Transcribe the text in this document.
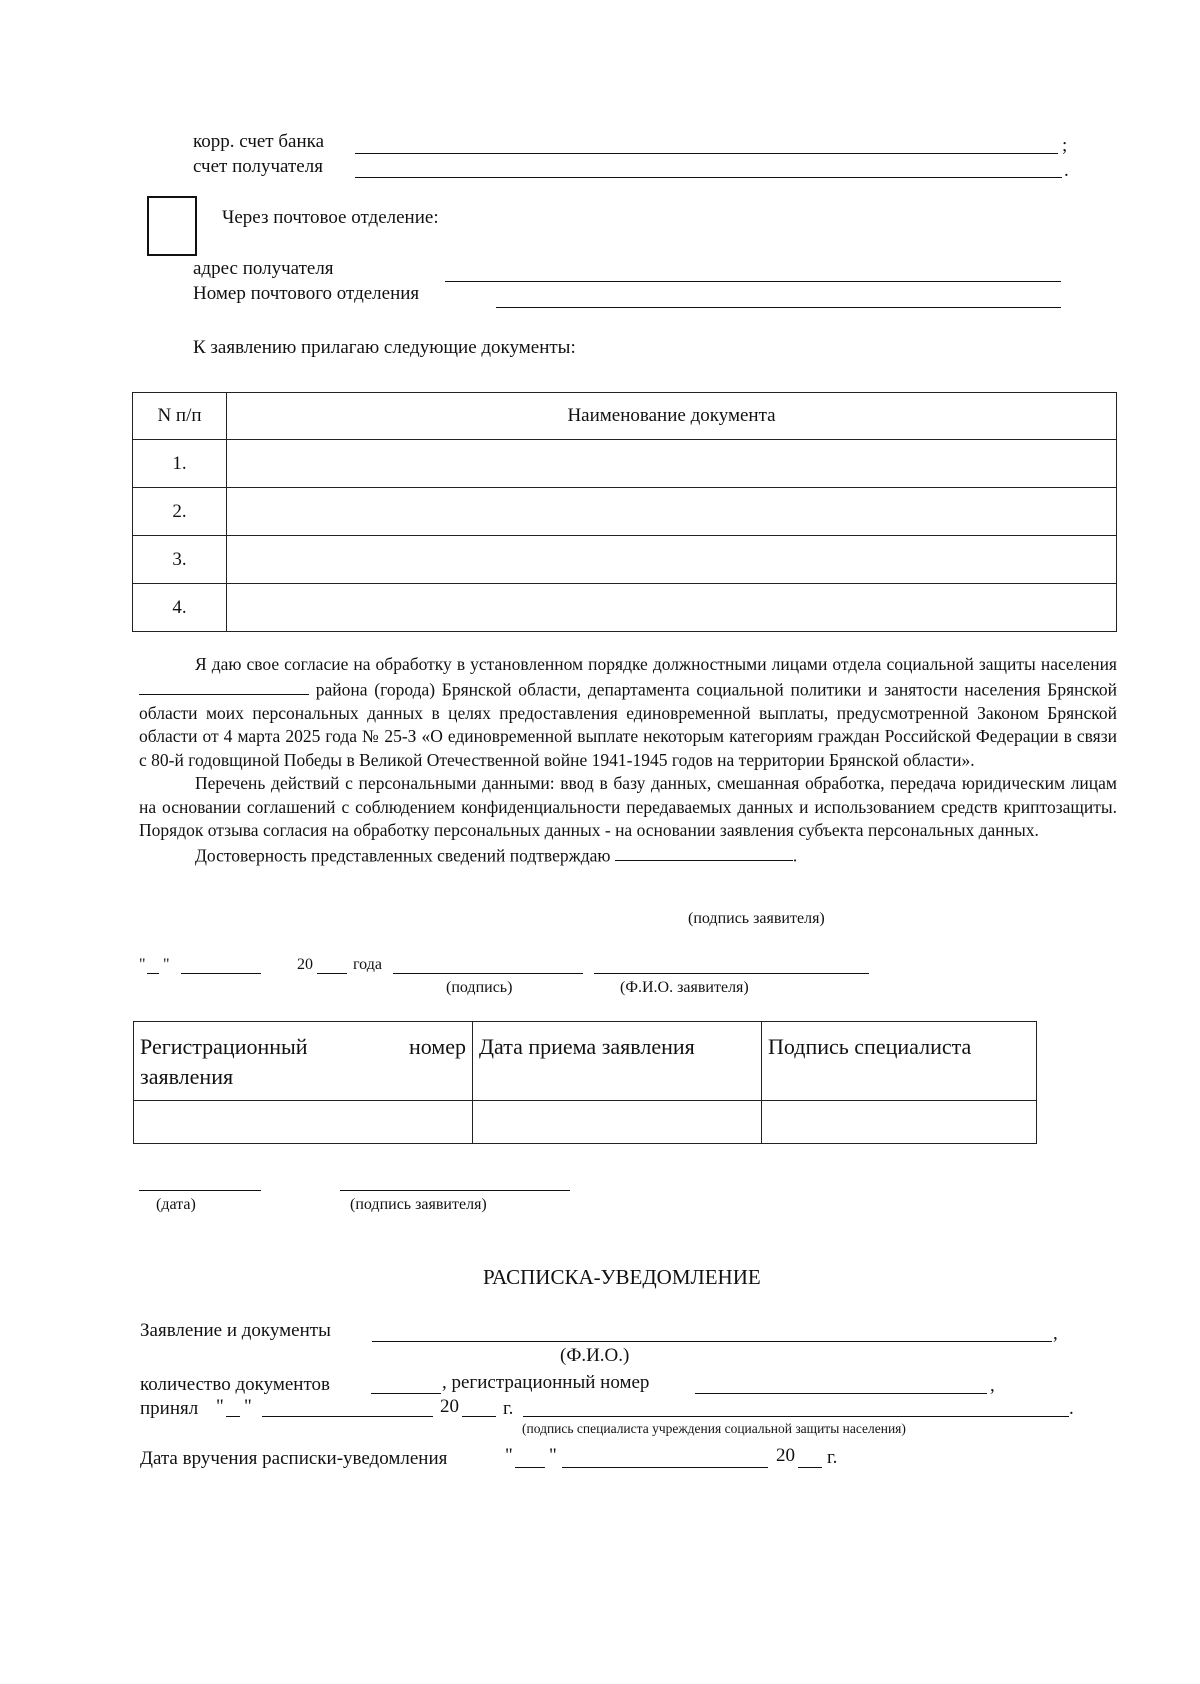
корр. счет банка	;
счет получателя	.
Через почтовое отделение:
адрес получателя
Номер почтового отделения
К заявлению прилагаю следующие документы:
N п/п	Наименование документа
1.	
2.	
3.	
4.	

Я даю свое согласие на обработку в установленном порядке должностными лицами отдела социальной защиты населения  района (города) Брянской области, департамента социальной политики и занятости населения Брянской области моих персональных данных в целях предоставления единовременной выплаты, предусмотренной Законом Брянской области от 4 марта 2025 года № 25-З «О единовременной выплате некоторым категориям граждан Российской Федерации в связи с 80-й годовщиной Победы в Великой Отечественной войне 1941-1945 годов на территории Брянской области».

Перечень действий с персональными данными: ввод в базу данных, смешанная обработка, передача юридическим лицам на основании соглашений с соблюдением конфиденциальности передаваемых данных и использованием средств криптозащиты. Порядок отзыва согласия на обработку персональных данных - на основании заявления субъекта персональных данных.

Достоверность представленных сведений подтверждаю	.

(подпись заявителя)
" "	20	года
(подпись)	(Ф.И.О. заявителя)
Регистрационный номер
заявления	Дата приема заявления	Подпись специалиста

(дата)	(подпись заявителя)
РАСПИСКА-УВЕДОМЛЕНИЕ
Заявление и документы	,
(Ф.И.О.)
количество документов	, регистрационный номер	,
принял " "	20 г.	.
(подпись специалиста учреждения социальной защиты населения)
Дата вручения расписки-уведомления	" "	20 г.
